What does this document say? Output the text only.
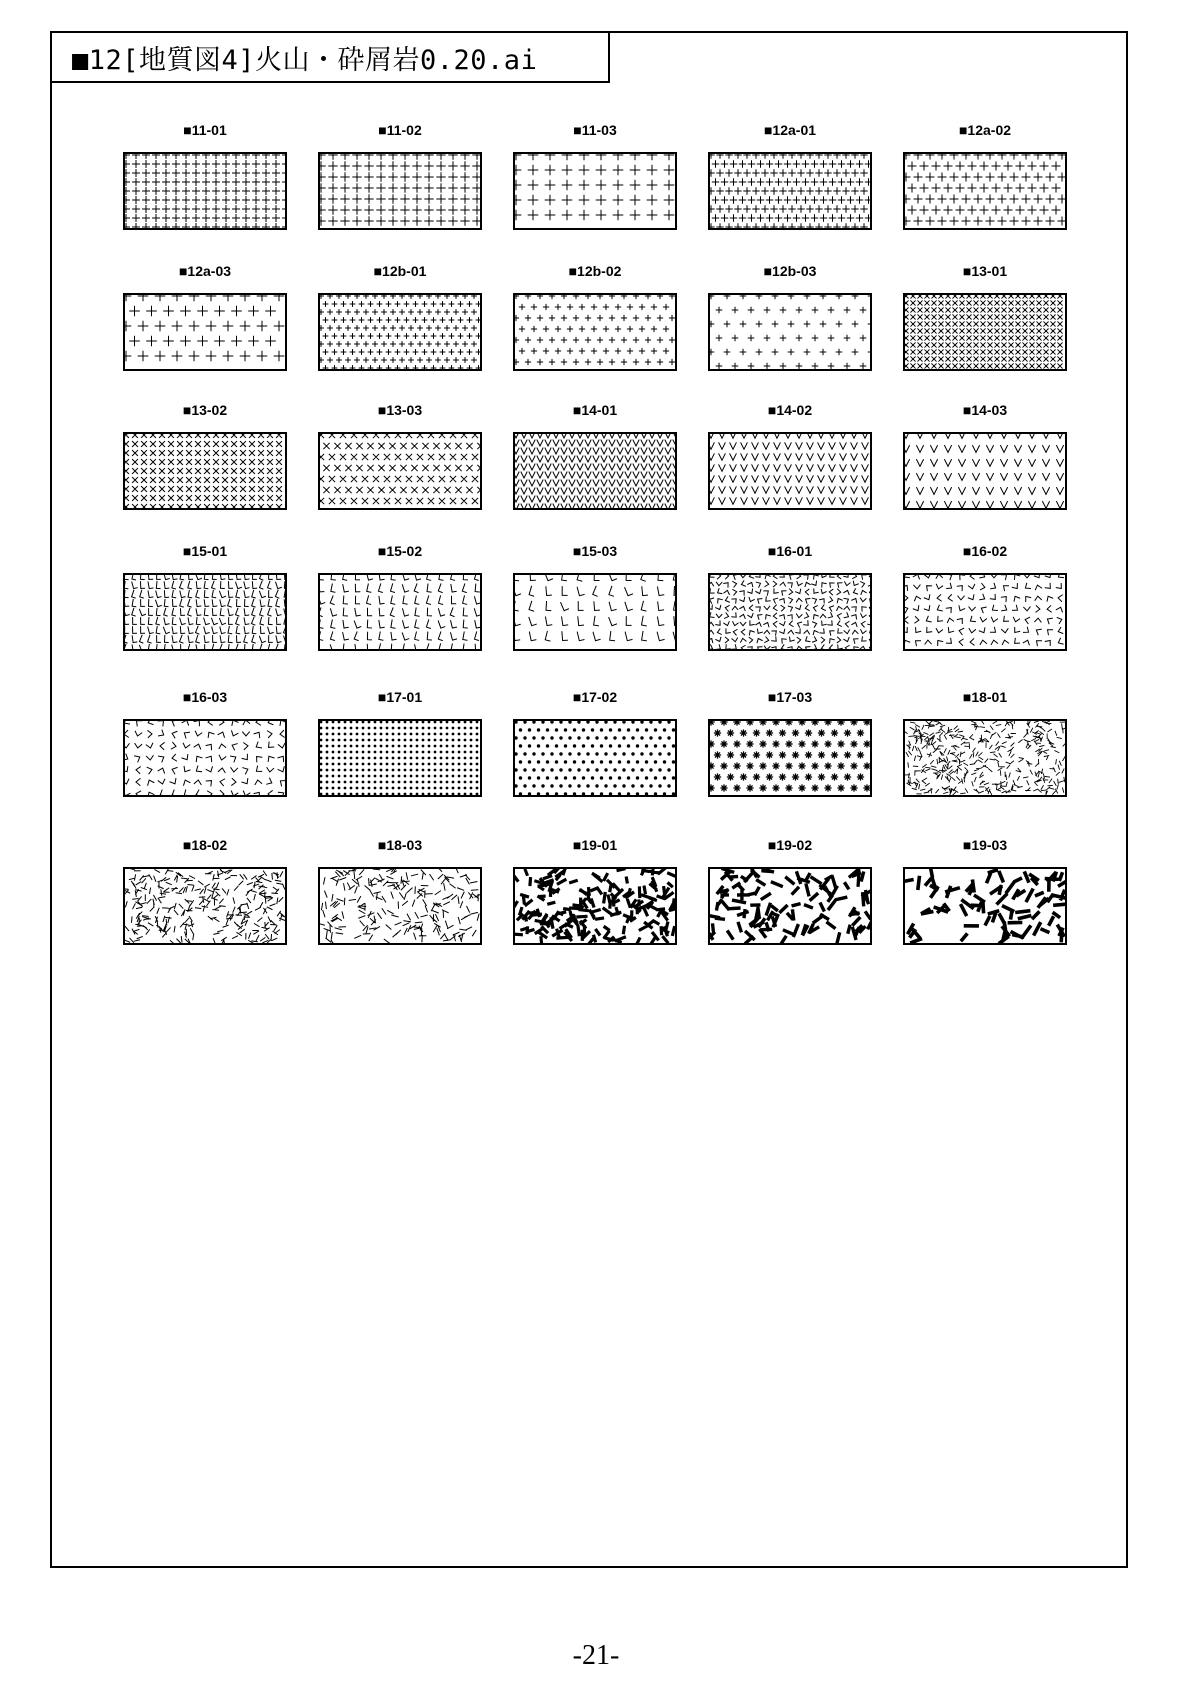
■12[地質図4]火山・砕屑岩0.20.ai
■11-01	■11-02	■11-03	■12a-01	■12a-02
■12a-03	■12b-01	■12b-02	■12b-03	■13-01
■13-02	■13-03	■14-01	■14-02	■14-03
■15-01	■15-02	■15-03	■16-01	■16-02
■16-03	■17-01	■17-02	■17-03	■18-01
■18-02	■18-03	■19-01	■19-02	■19-03
-21-
